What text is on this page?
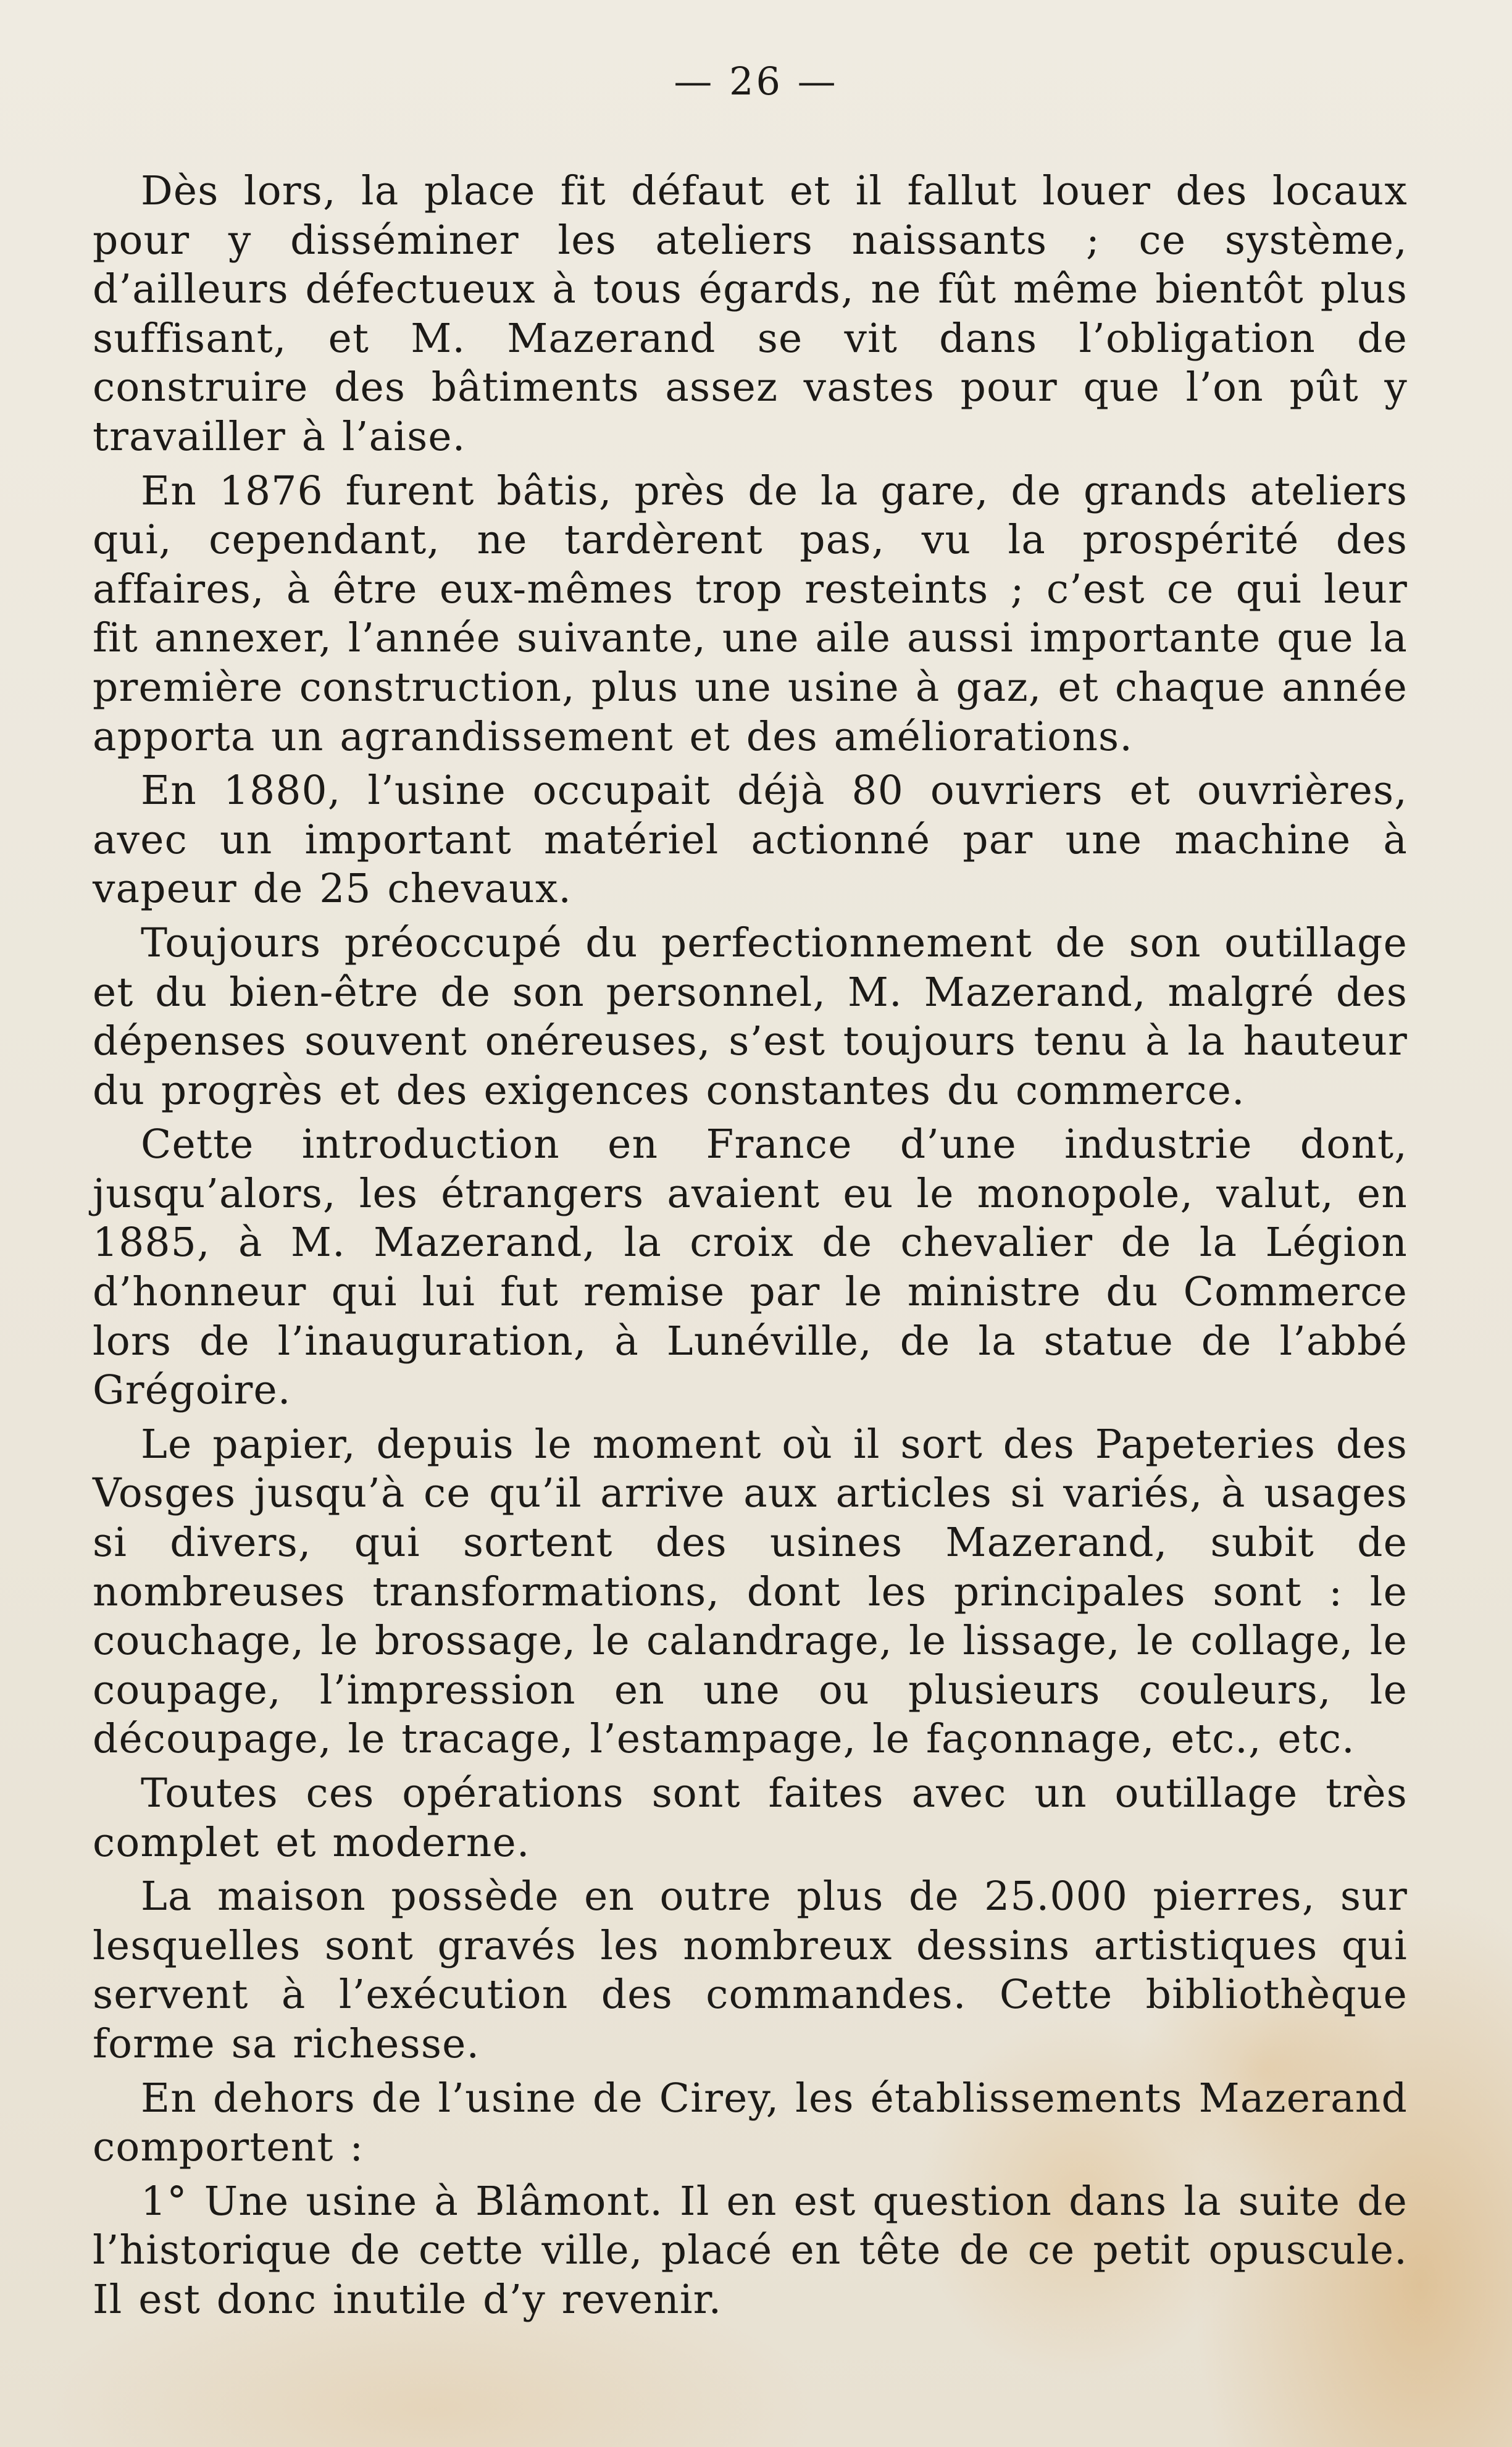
— 26 —

Dès lors, la place fit défaut et il fallut louer des locaux pour y disséminer les ateliers naissants ; ce système, d’ailleurs défectueux à tous égards, ne fût même bientôt plus suffisant, et M. Mazerand se vit dans l’obligation de construire des bâtiments assez vastes pour que l’on pût y travailler à l’aise.

En 1876 furent bâtis, près de la gare, de grands ateliers qui, cependant, ne tardèrent pas, vu la prospérité des affaires, à être eux-mêmes trop resteints ; c’est ce qui leur fit annexer, l’année suivante, une aile aussi importante que la première construction, plus une usine à gaz, et chaque année apporta un agrandissement et des améliorations.

En 1880, l’usine occupait déjà 80 ouvriers et ouvrières, avec un important matériel actionné par une machine à vapeur de 25 chevaux.

Toujours préoccupé du perfectionnement de son outillage et du bien-être de son personnel, M. Mazerand, malgré des dépenses souvent onéreuses, s’est toujours tenu à la hauteur du progrès et des exigences constantes du commerce.

Cette introduction en France d’une industrie dont, jusqu’alors, les étrangers avaient eu le monopole, valut, en 1885, à M. Mazerand, la croix de chevalier de la Légion d’honneur qui lui fut remise par le ministre du Commerce lors de l’inauguration, à Lunéville, de la statue de l’abbé Grégoire.

Le papier, depuis le moment où il sort des Papeteries des Vosges jusqu’à ce qu’il arrive aux articles si variés, à usages si divers, qui sortent des usines Mazerand, subit de nombreuses transformations, dont les principales sont : le couchage, le brossage, le calandrage, le lissage, le collage, le coupage, l’impression en une ou plusieurs couleurs, le découpage, le tracage, l’estampage, le façonnage, etc., etc.

Toutes ces opérations sont faites avec un outillage très complet et moderne.

La maison possède en outre plus de 25.000 pierres, sur lesquelles sont gravés les nombreux dessins artistiques qui servent à l’exécution des commandes. Cette bibliothèque forme sa richesse.

En dehors de l’usine de Cirey, les établissements Mazerand comportent :

1° Une usine à Blâmont. Il en est question dans la suite de l’historique de cette ville, placé en tête de ce petit opuscule. Il est donc inutile d’y revenir.
